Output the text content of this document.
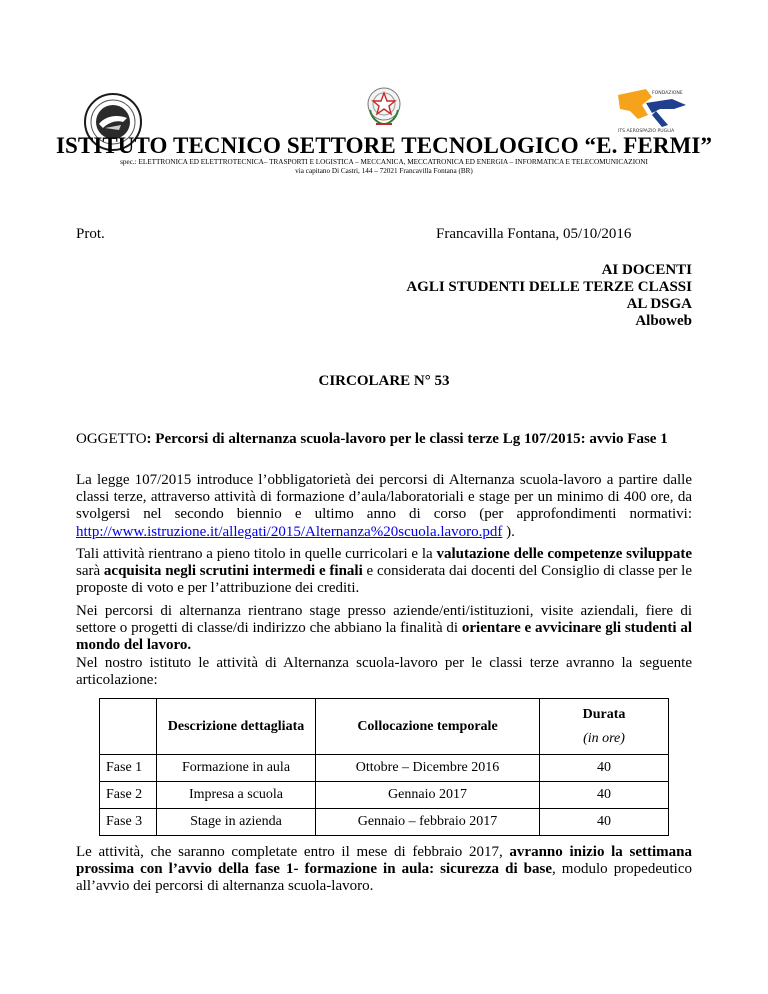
FONDAZIONE
ITS AEROSPAZIO PUGLIA
ISTITUTO TECNICO SETTORE TECNOLOGICO “E. FERMI”
spec.: ELETTRONICA ED ELETTROTECNICA– TRASPORTI E LOGISTICA – MECCANICA, MECCATRONICA ED ENERGIA – INFORMATICA E TELECOMUNICAZIONI
via capitano Di Castri, 144 – 72021 Francavilla Fontana (BR)
Prot.	Francavilla Fontana, 05/10/2016
AI DOCENTI
AGLI STUDENTI DELLE TERZE CLASSI
AL DSGA
Alboweb
CIRCOLARE N° 53
OGGETTO: Percorsi di alternanza scuola-lavoro per le classi terze Lg 107/2015: avvio Fase 1
La legge 107/2015 introduce l’obbligatorietà dei percorsi di Alternanza scuola-lavoro a partire dalle classi terze, attraverso attività di formazione d’aula/laboratoriali e stage per un minimo di 400 ore, da svolgersi nel secondo biennio e ultimo anno di corso (per approfondimenti normativi: http://www.istruzione.it/allegati/2015/Alternanza%20scuola.lavoro.pdf ).
Tali attività rientrano a pieno titolo in quelle curricolari e la valutazione delle competenze sviluppate sarà acquisita negli scrutini intermedi e finali e considerata dai docenti del Consiglio di classe per le proposte di voto e per l’attribuzione dei crediti.
Nei percorsi di alternanza rientrano stage presso aziende/enti/istituzioni, visite aziendali, fiere di settore o progetti di classe/di indirizzo che abbiano la finalità di orientare e avvicinare gli studenti al mondo del lavoro.
Nel nostro istituto le attività di Alternanza scuola-lavoro per le classi terze avranno la seguente articolazione:
	Descrizione dettagliata	Collocazione temporale	Durata
(in ore)

Fase 1	Formazione in aula	Ottobre – Dicembre 2016	40
Fase 2	Impresa a scuola	Gennaio 2017	40
Fase 3	Stage in azienda	Gennaio – febbraio 2017	40
Le attività, che saranno completate entro il mese di febbraio 2017, avranno inizio la settimana prossima con l’avvio della fase 1- formazione in aula: sicurezza di base, modulo propedeutico all’avvio dei percorsi di alternanza scuola-lavoro.
